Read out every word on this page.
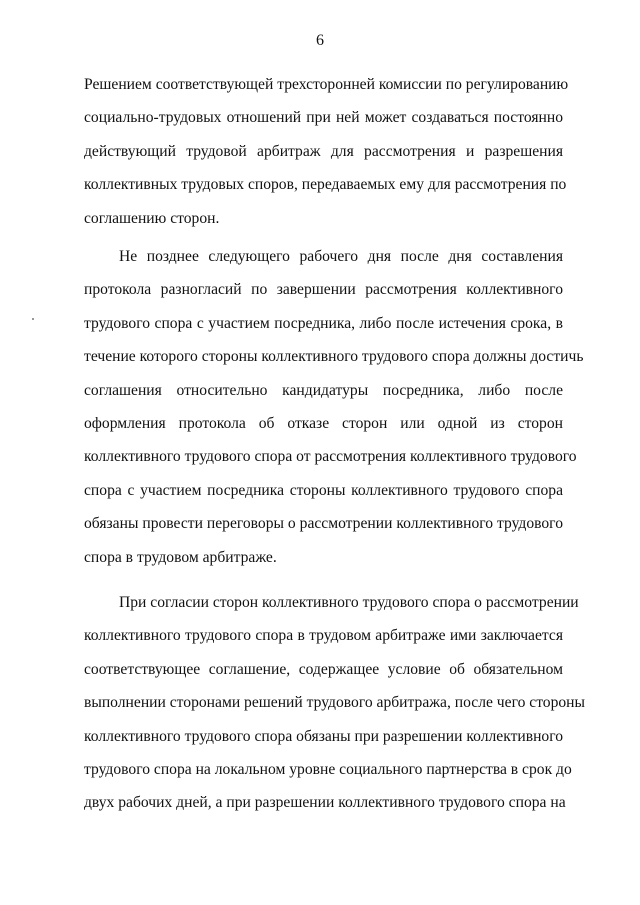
6
Решением соответствующей трехсторонней комиссии по регулированию
социально-трудовых отношений при ней может создаваться постоянно
действующий трудовой арбитраж для рассмотрения и разрешения
коллективных трудовых споров, передаваемых ему для рассмотрения по
соглашению сторон.
Не позднее следующего рабочего дня после дня составления
протокола разногласий по завершении рассмотрения коллективного
трудового спора с участием посредника, либо после истечения срока, в
течение которого стороны коллективного трудового спора должны достичь
соглашения относительно кандидатуры посредника, либо после
оформления протокола об отказе сторон или одной из сторон
коллективного трудового спора от рассмотрения коллективного трудового
спора с участием посредника стороны коллективного трудового спора
обязаны провести переговоры о рассмотрении коллективного трудового
спора в трудовом арбитраже.
При согласии сторон коллективного трудового спора о рассмотрении
коллективного трудового спора в трудовом арбитраже ими заключается
соответствующее соглашение, содержащее условие об обязательном
выполнении сторонами решений трудового арбитража, после чего стороны
коллективного трудового спора обязаны при разрешении коллективного
трудового спора на локальном уровне социального партнерства в срок до
двух рабочих дней, а при разрешении коллективного трудового спора на
